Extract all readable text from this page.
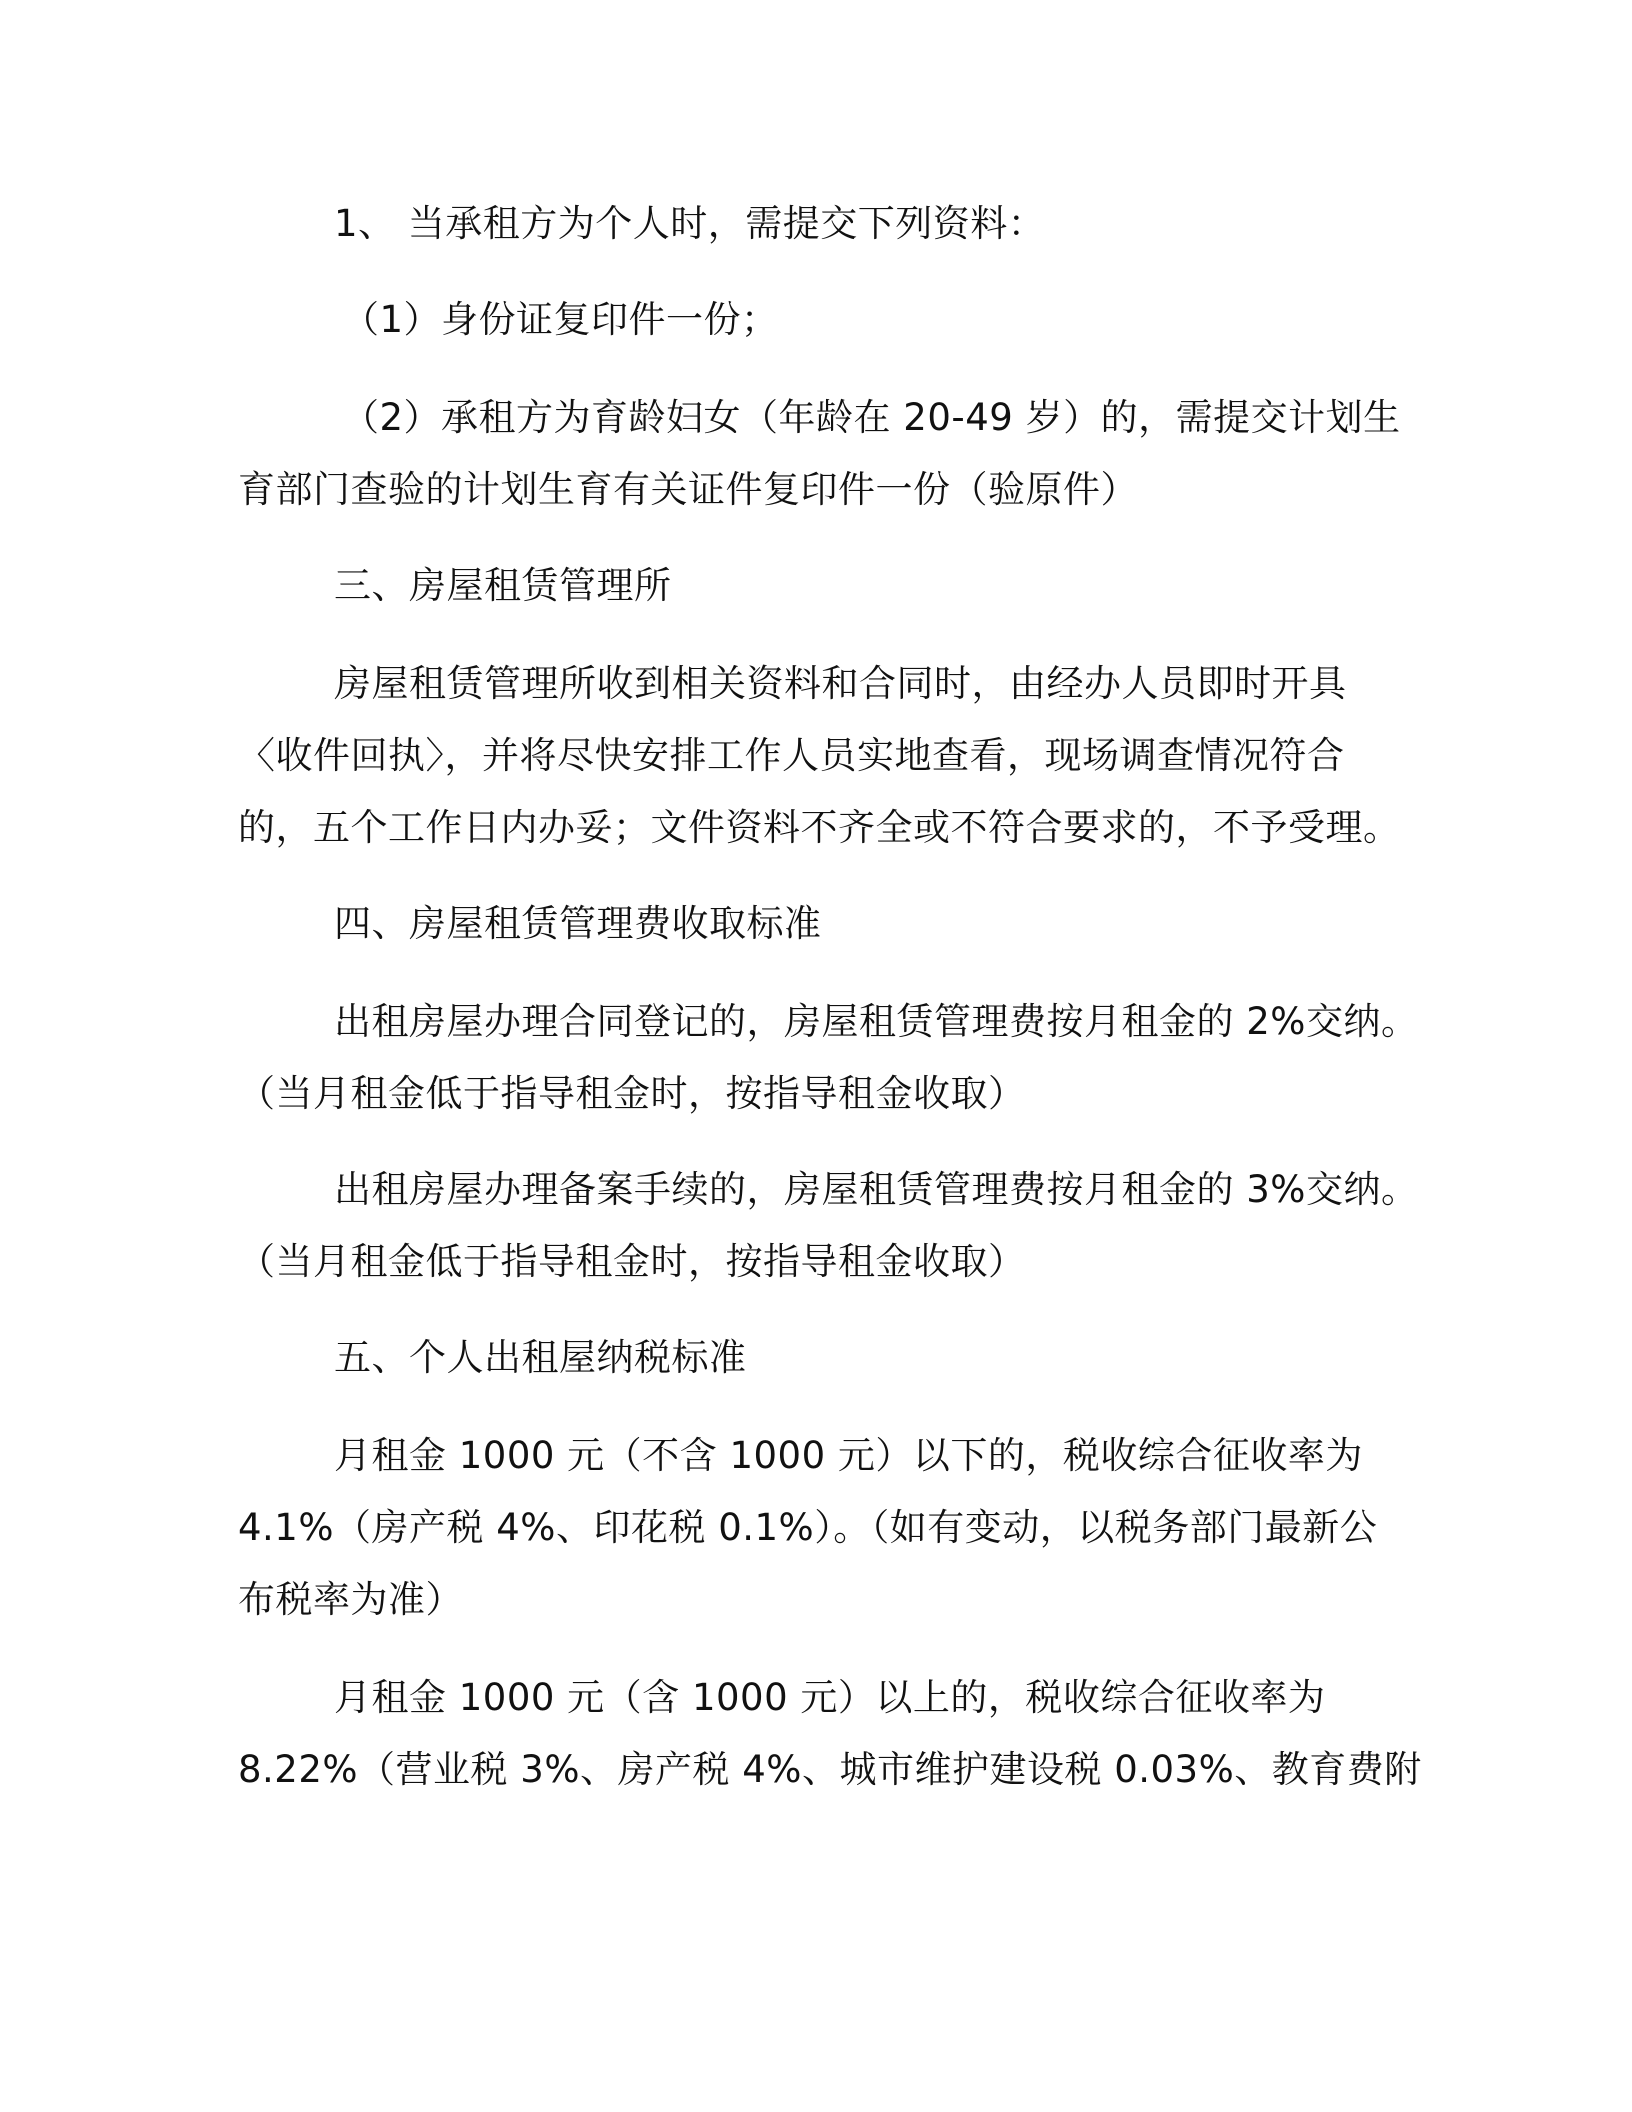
1、 当承租方为个人时，需提交下列资料：

（1）身份证复印件一份；

（2）承租方为育龄妇女（年龄在 20-49 岁）的，需提交计划生
育部门查验的计划生育有关证件复印件一份（验原件）

三、房屋租赁管理所

房屋租赁管理所收到相关资料和合同时，由经办人员即时开具
〈收件回执〉，并将尽快安排工作人员实地查看，现场调查情况符合
的，五个工作日内办妥；文件资料不齐全或不符合要求的，不予受理。

四、房屋租赁管理费收取标准

出租房屋办理合同登记的，房屋租赁管理费按月租金的 2%交纳。
（当月租金低于指导租金时，按指导租金收取）

出租房屋办理备案手续的，房屋租赁管理费按月租金的 3%交纳。
（当月租金低于指导租金时，按指导租金收取）

五、个人出租屋纳税标准

月租金 1000 元（不含 1000 元）以下的，税收综合征收率为
4.1%（房产税 4%、印花税 0.1%）。（如有变动，以税务部门最新公
布税率为准）

月租金 1000 元（含 1000 元）以上的，税收综合征收率为
8.22%（营业税 3%、房产税 4%、城市维护建设税 0.03%、教育费附
